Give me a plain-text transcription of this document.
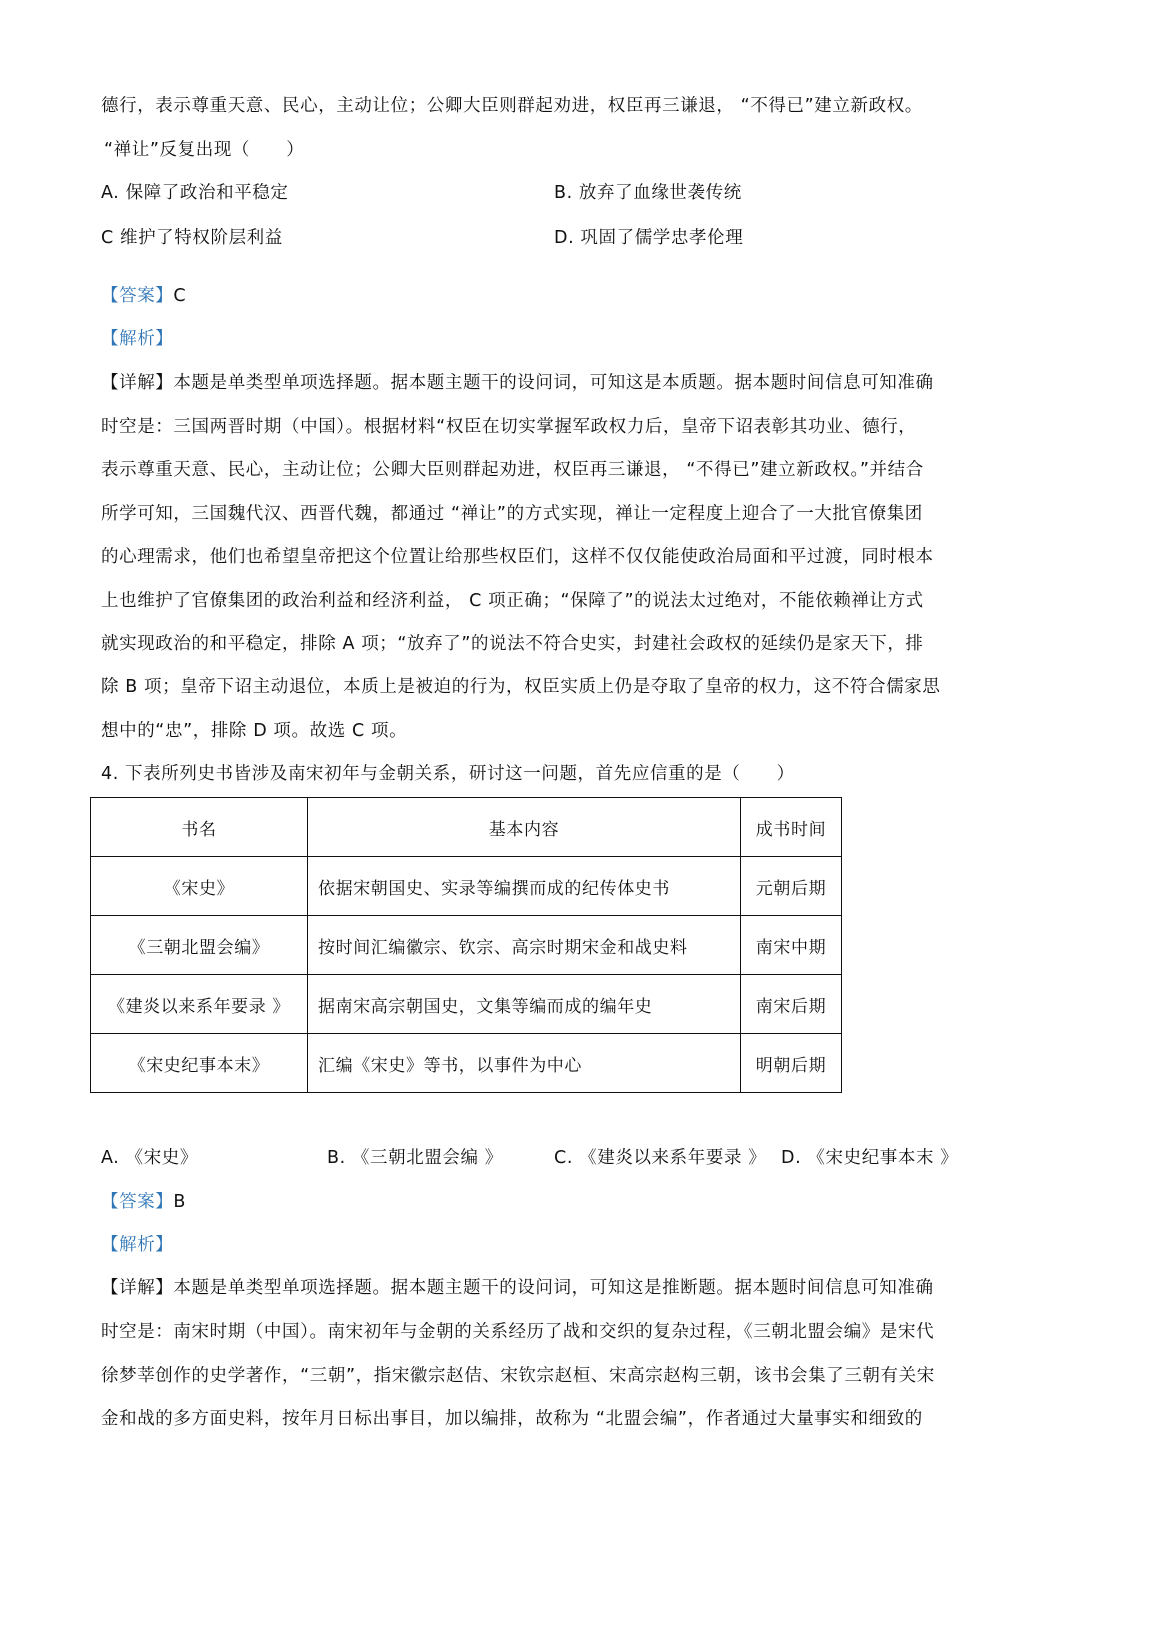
德行，表示尊重天意、民心，主动让位；公卿大臣则群起劝进，权臣再三谦退， “不得已”建立新政权。
“禅让”反复出现（　　）
A. 保障了政治和平稳定	B. 放弃了血缘世袭传统
C 维护了特权阶层利益	D. 巩固了儒学忠孝伦理
【答案】C
【解析】
【详解】本题是单类型单项选择题。据本题主题干的设问词，可知这是本质题。据本题时间信息可知准确
时空是：三国两晋时期（中国）。根据材料“权臣在切实掌握军政权力后，皇帝下诏表彰其功业、德行，
表示尊重天意、民心，主动让位；公卿大臣则群起劝进，权臣再三谦退， “不得已”建立新政权。”并结合
所学可知，三国魏代汉、西晋代魏，都通过 “禅让”的方式实现，禅让一定程度上迎合了一大批官僚集团
的心理需求，他们也希望皇帝把这个位置让给那些权臣们，这样不仅仅能使政治局面和平过渡，同时根本
上也维护了官僚集团的政治利益和经济利益， C 项正确；“保障了”的说法太过绝对，不能依赖禅让方式
就实现政治的和平稳定，排除 A 项；“放弃了”的说法不符合史实，封建社会政权的延续仍是家天下，排
除 B 项；皇帝下诏主动退位，本质上是被迫的行为，权臣实质上仍是夺取了皇帝的权力，这不符合儒家思
想中的“忠”，排除 D 项。故选 C 项。
4. 下表所列史书皆涉及南宋初年与金朝关系，研讨这一问题，首先应信重的是（　　）
书名	基本内容	成书时间
《宋史》	依据宋朝国史、实录等编撰而成的纪传体史书	元朝后期
《三朝北盟会编》	按时间汇编徽宗、钦宗、高宗时期宋金和战史料	南宋中期
《建炎以来系年要录 》	据南宋高宗朝国史，文集等编而成的编年史	南宋后期
《宋史纪事本末》	汇编《宋史》等书，以事件为中心	明朝后期
A. 《宋史》	B. 《三朝北盟会编 》	C. 《建炎以来系年要录 》 D. 《宋史纪事本末 》
【答案】B
【解析】
【详解】本题是单类型单项选择题。据本题主题干的设问词，可知这是推断题。据本题时间信息可知准确
时空是：南宋时期（中国）。南宋初年与金朝的关系经历了战和交织的复杂过程，《三朝北盟会编》是宋代
徐梦莘创作的史学著作，“三朝”，指宋徽宗赵佶、宋钦宗赵桓、宋高宗赵构三朝，该书会集了三朝有关宋
金和战的多方面史料，按年月日标出事目，加以编排，故称为 “北盟会编”，作者通过大量事实和细致的
